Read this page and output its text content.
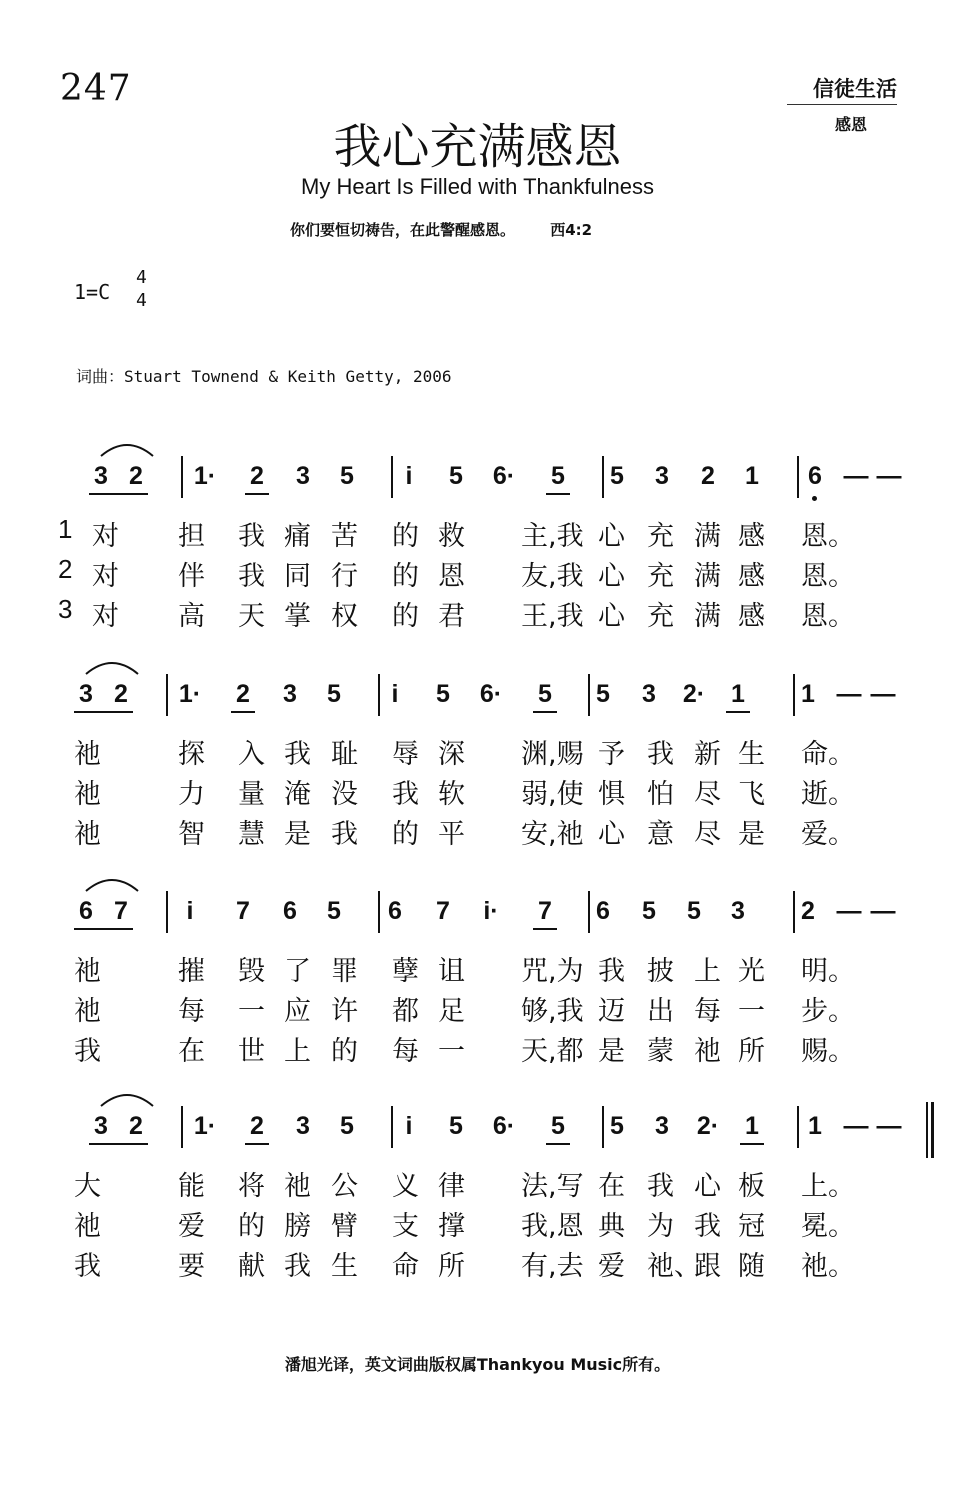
247	信徒生活
感恩
我心充满感恩
My Heart Is Filled with Thankfulness
你们要恒切祷告，在此警醒感恩。 西4:2
1=C
4
4
词曲：Stuart Townend & Keith Getty, 2006
3 2 1· 2 3 5	i	5 6· 5 5 3 2 1 6 — —
1 对 担 我 痛 苦 的 救 主,我 心 充 满 感 恩。
2 对 伴 我 同 行 的 恩 友,我 心 充 满 感 恩。
3 对 高 天 掌 权 的 君 王,我 心 充 满 感 恩。
3 2 1· 2 3 5	i	5 6· 5 5 3 2· 1 1 — —
祂	探 入 我 耻 辱 深 渊,赐 予 我 新 生 命。
祂	力 量 淹 没 我 软 弱,使 惧 怕 尽 飞 逝。
祂	智 慧 是 我 的 平 安,祂 心 意 尽 是 爱。
6 7	i	7 6 5 6 7 i· 7 6 5 5 3 2 — —
祂	摧 毁 了 罪 孽 诅 咒,为 我 披 上 光 明。
祂	每 一 应 许 都 足 够,我 迈 出 每 一 步。
我	在 世 上 的 每 一 天,都 是 蒙 祂 所 赐。
3 2 1· 2 3 5	i	5 6· 5 5 3 2· 1 1 — —
大	能 将 祂 公 义 律 法,写 在 我 心 板 上。
祂	爱 的 膀 臂 支 撑 我,恩 典 为 我 冠 冕。
我	要 献 我 生 命 所 有,去 爱 祂、
跟 随 祂。
潘旭光译，英文词曲版权属Thankyou Music所有。
